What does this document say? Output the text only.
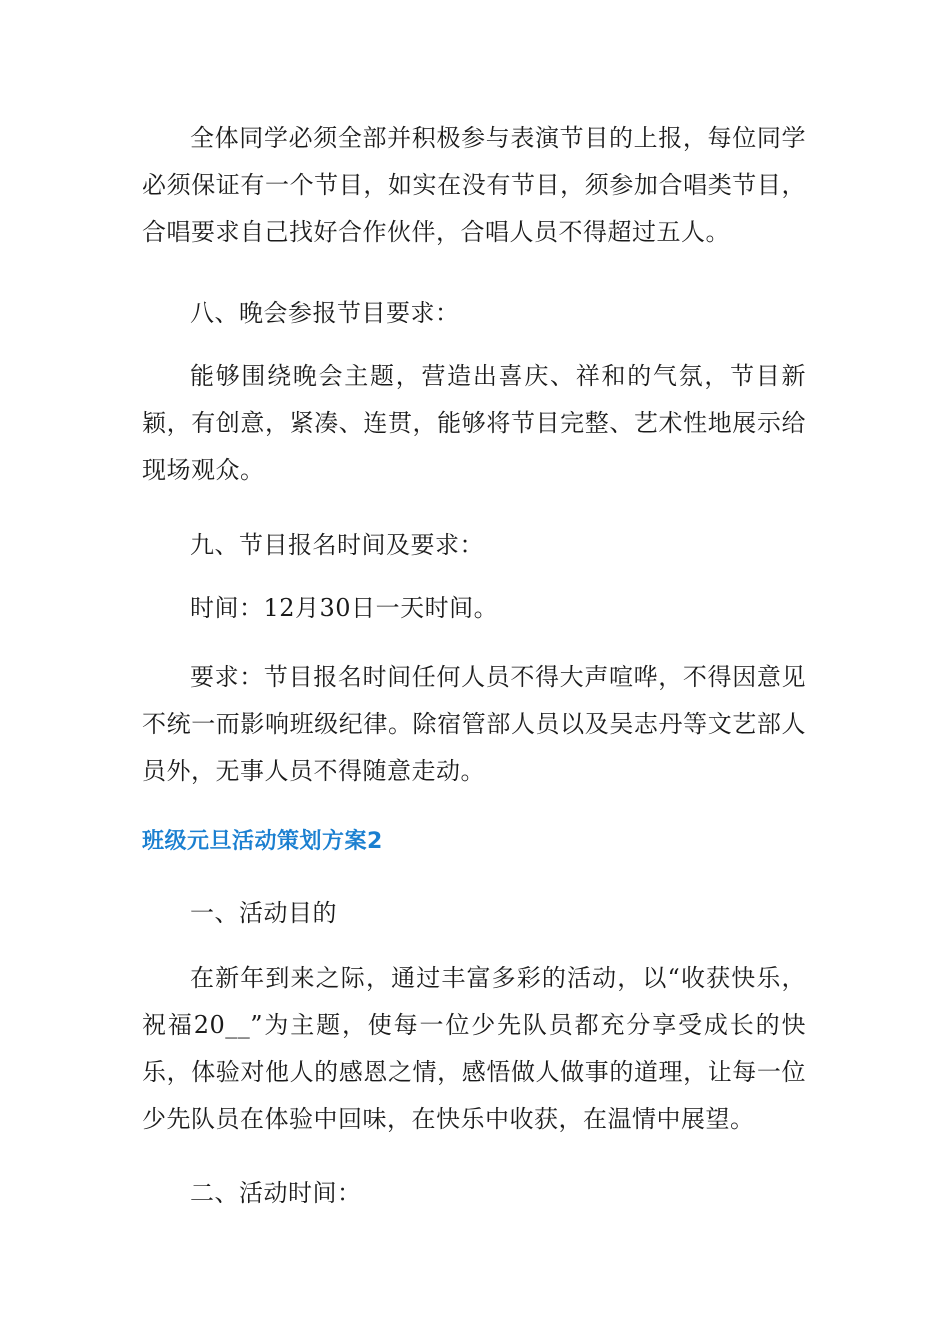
全体同学必须全部并积极参与表演节目的上报，每位同学必须保证有一个节目，如实在没有节目，须参加合唱类节目，合唱要求自己找好合作伙伴，合唱人员不得超过五人。

八、晚会参报节目要求：

能够围绕晚会主题，营造出喜庆、祥和的气氛，节目新颖，有创意，紧凑、连贯，能够将节目完整、艺术性地展示给现场观众。

九、节目报名时间及要求：

时间：12月30日一天时间。

要求：节目报名时间任何人员不得大声喧哗，不得因意见不统一而影响班级纪律。除宿管部人员以及吴志丹等文艺部人员外，无事人员不得随意走动。

班级元旦活动策划方案2

一、活动目的

在新年到来之际，通过丰富多彩的活动，以“收获快乐，祝福20__”为主题，使每一位少先队员都充分享受成长的快乐，体验对他人的感恩之情，感悟做人做事的道理，让每一位少先队员在体验中回味，在快乐中收获，在温情中展望。

二、活动时间：
